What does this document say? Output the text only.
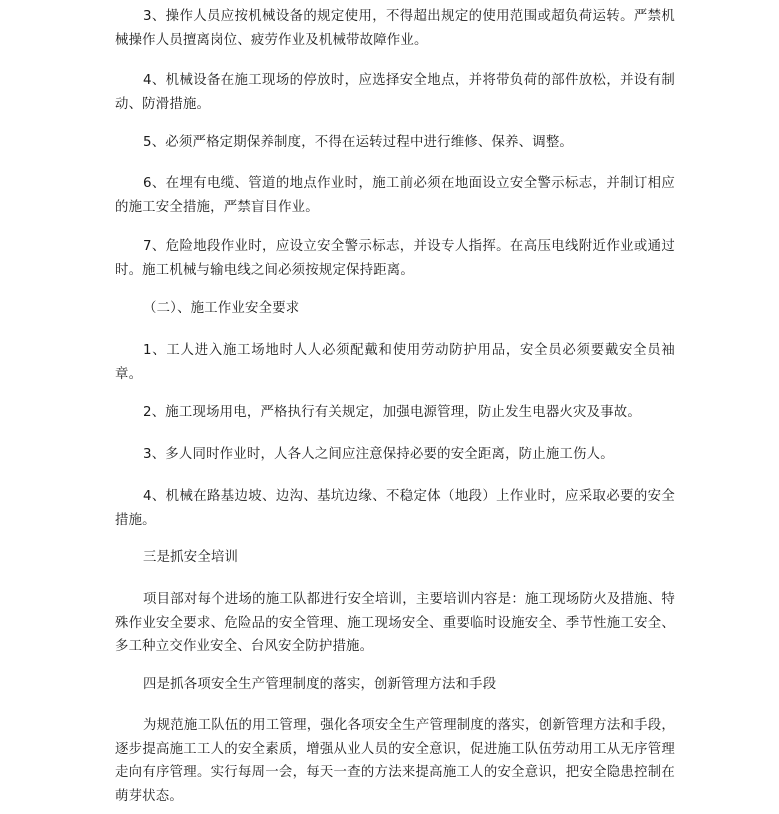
3、操作人员应按机械设备的规定使用，不得超出规定的使用范围或超负荷运转。严禁机械操作人员擅离岗位、疲劳作业及机械带故障作业。

4、机械设备在施工现场的停放时，应选择安全地点，并将带负荷的部件放松，并设有制动、防滑措施。

5、必须严格定期保养制度，不得在运转过程中进行维修、保养、调整。

6、在埋有电缆、管道的地点作业时，施工前必须在地面设立安全警示标志，并制订相应的施工安全措施，严禁盲目作业。

7、危险地段作业时，应设立安全警示标志，并设专人指挥。在高压电线附近作业或通过时。施工机械与输电线之间必须按规定保持距离。

（二）、施工作业安全要求

1、工人进入施工场地时人人必须配戴和使用劳动防护用品，安全员必须要戴安全员袖章。

2、施工现场用电，严格执行有关规定，加强电源管理，防止发生电器火灾及事故。

3、多人同时作业时，人各人之间应注意保持必要的安全距离，防止施工伤人。

4、机械在路基边坡、边沟、基坑边缘、不稳定体（地段）上作业时，应采取必要的安全措施。

三是抓安全培训

项目部对每个进场的施工队都进行安全培训，主要培训内容是：施工现场防火及措施、特殊作业安全要求、危险品的安全管理、施工现场安全、重要临时设施安全、季节性施工安全、多工种立交作业安全、台风安全防护措施。

四是抓各项安全生产管理制度的落实，创新管理方法和手段

为规范施工队伍的用工管理，强化各项安全生产管理制度的落实，创新管理方法和手段，逐步提高施工工人的安全素质，增强从业人员的安全意识，促进施工队伍劳动用工从无序管理走向有序管理。实行每周一会，每天一查的方法来提高施工人的安全意识，把安全隐患控制在萌芽状态。
